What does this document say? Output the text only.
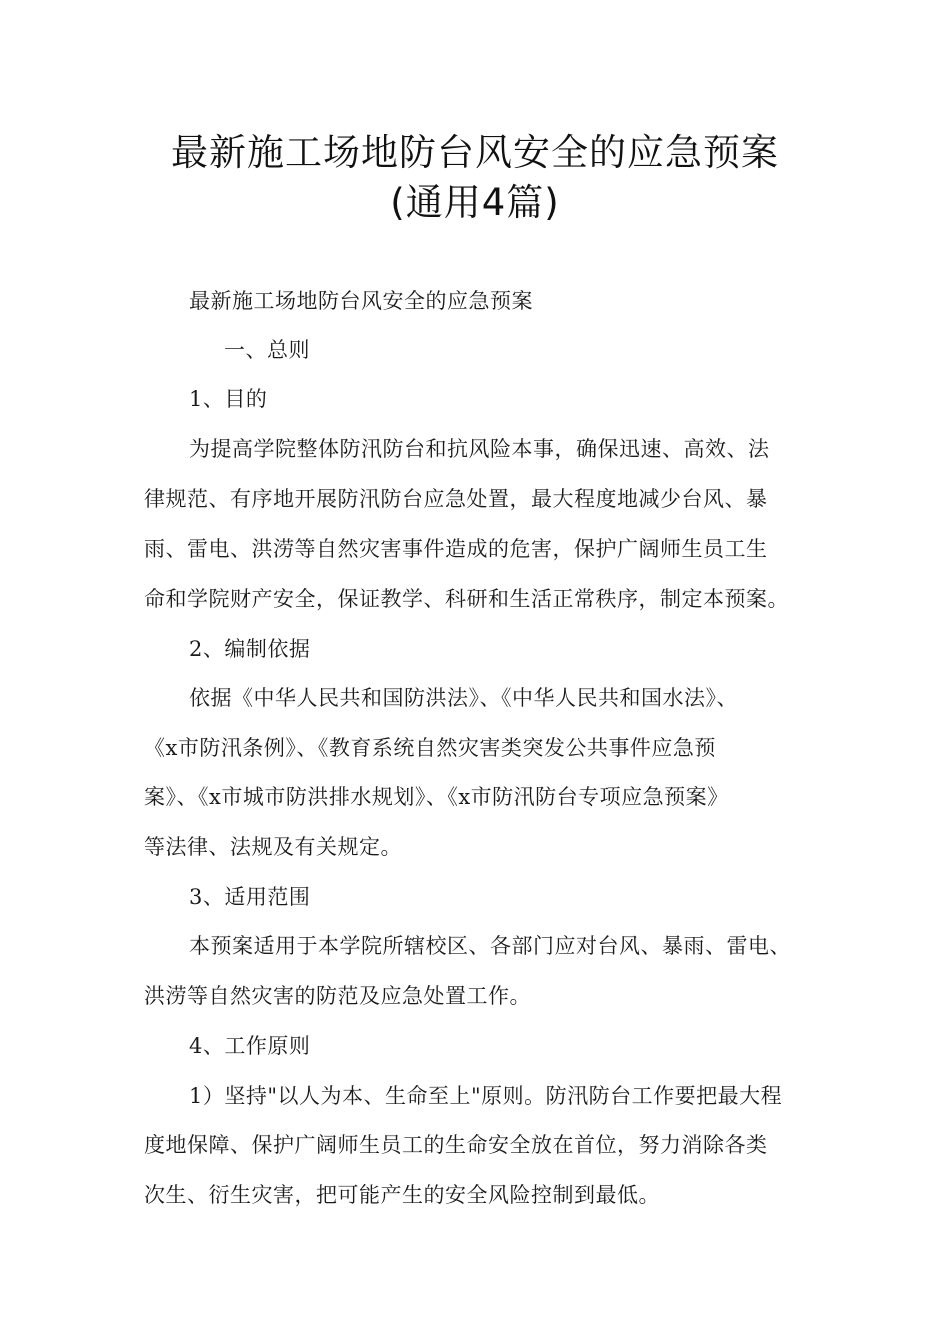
最新施工场地防台风安全的应急预案
(通用4篇)
最新施工场地防台风安全的应急预案
一、总则
1、目的
为提高学院整体防汛防台和抗风险本事，确保迅速、高效、法
律规范、有序地开展防汛防台应急处置，最大程度地减少台风、暴
雨、雷电、洪涝等自然灾害事件造成的危害，保护广阔师生员工生
命和学院财产安全，保证教学、科研和生活正常秩序，制定本预案。
2、编制依据
依据《中华人民共和国防洪法》、《中华人民共和国水法》、
《x市防汛条例》、《教育系统自然灾害类突发公共事件应急预
案》、《x市城市防洪排水规划》、《x市防汛防台专项应急预案》
等法律、法规及有关规定。
3、适用范围
本预案适用于本学院所辖校区、各部门应对台风、暴雨、雷电、
洪涝等自然灾害的防范及应急处置工作。
4、工作原则
1）坚持"以人为本、生命至上"原则。防汛防台工作要把最大程
度地保障、保护广阔师生员工的生命安全放在首位，努力消除各类
次生、衍生灾害，把可能产生的安全风险控制到最低。
